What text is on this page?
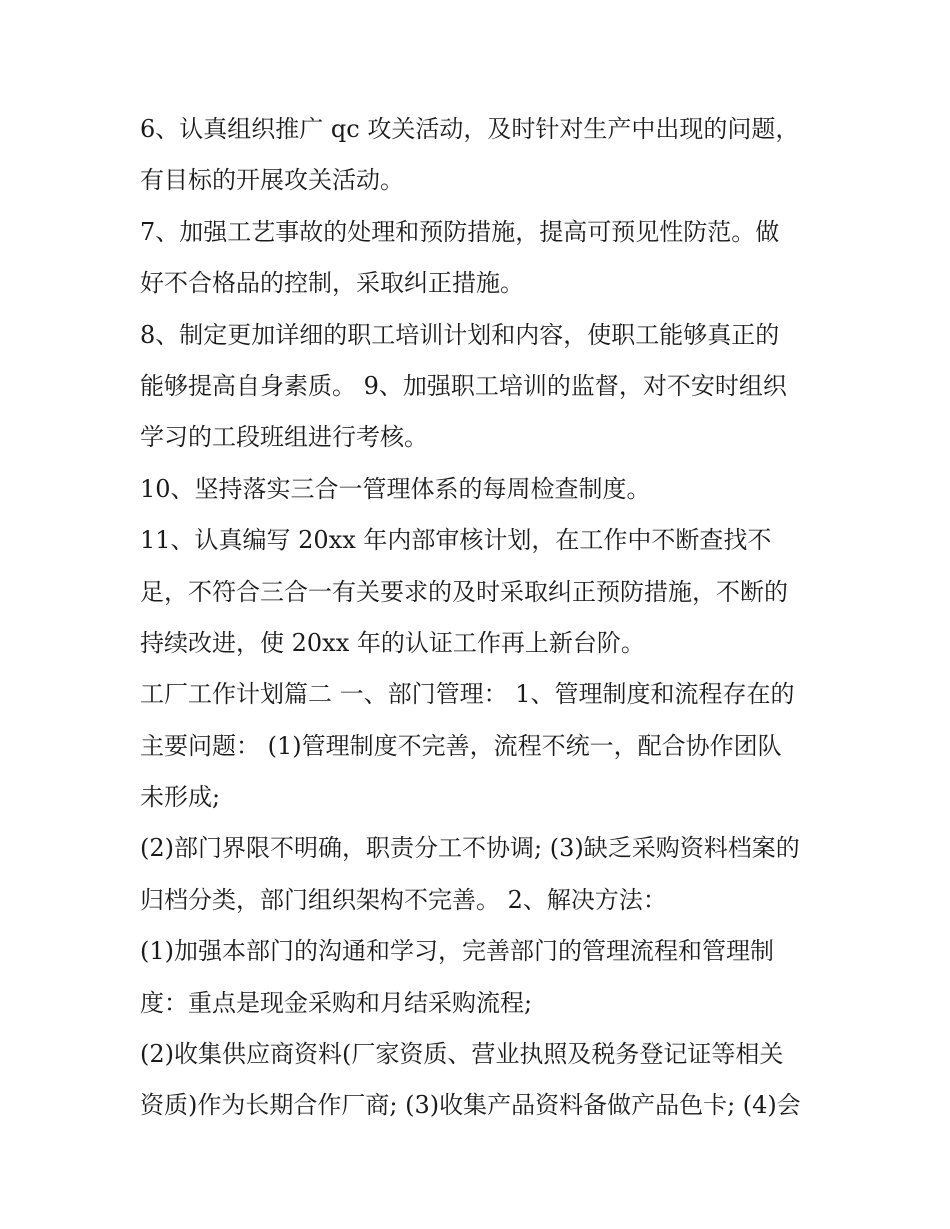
6、认真组织推广 qc 攻关活动，及时针对生产中出现的问题，
有目标的开展攻关活动。
7、加强工艺事故的处理和预防措施，提高可预见性防范。做
好不合格品的控制，采取纠正措施。
8、制定更加详细的职工培训计划和内容，使职工能够真正的
能够提高自身素质。 9、加强职工培训的监督，对不安时组织
学习的工段班组进行考核。
10、坚持落实三合一管理体系的每周检查制度。
11、认真编写 20xx 年内部审核计划，在工作中不断查找不
足，不符合三合一有关要求的及时采取纠正预防措施，不断的
持续改进，使 20xx 年的认证工作再上新台阶。
工厂工作计划篇二 一、部门管理： 1、管理制度和流程存在的
主要问题： (1)管理制度不完善，流程不统一，配合协作团队
未形成;
(2)部门界限不明确，职责分工不协调; (3)缺乏采购资料档案的
归档分类，部门组织架构不完善。 2、解决方法：
(1)加强本部门的沟通和学习，完善部门的管理流程和管理制
度：重点是现金采购和月结采购流程;
(2)收集供应商资料(厂家资质、营业执照及税务登记证等相关
资质)作为长期合作厂商; (3)收集产品资料备做产品色卡; (4)会
